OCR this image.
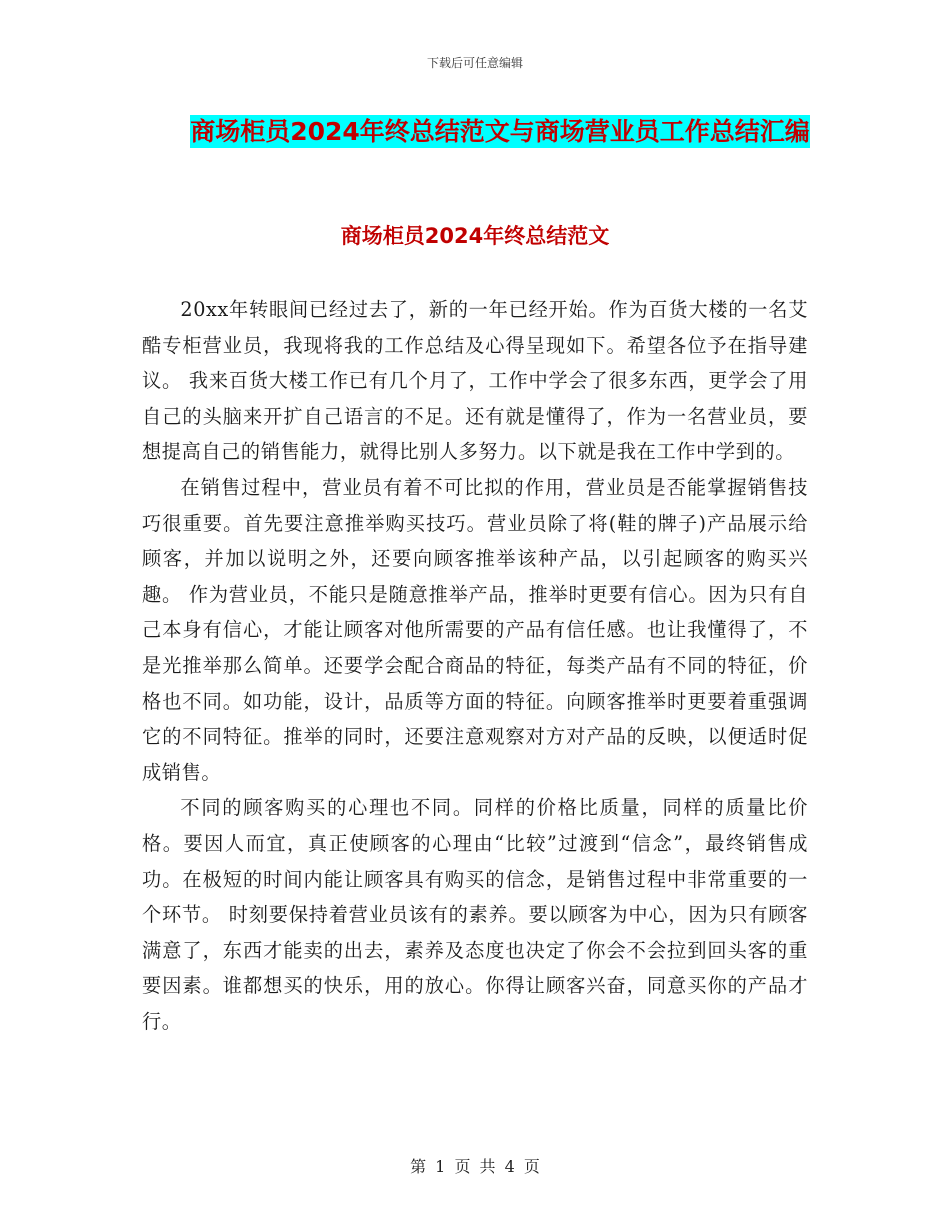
下载后可任意编辑
商场柜员2024年终总结范文与商场营业员工作总结汇编
商场柜员2024年终总结范文

20xx年转眼间已经过去了，新的一年已经开始。作为百货大楼的一名艾酷专柜营业员，我现将我的工作总结及心得呈现如下。希望各位予在指导建议。 我来百货大楼工作已有几个月了，工作中学会了很多东西，更学会了用自己的头脑来开扩自己语言的不足。还有就是懂得了，作为一名营业员，要想提高自己的销售能力，就得比别人多努力。以下就是我在工作中学到的。

在销售过程中，营业员有着不可比拟的作用，营业员是否能掌握销售技巧很重要。首先要注意推举购买技巧。营业员除了将(鞋的牌子)产品展示给顾客，并加以说明之外，还要向顾客推举该种产品，以引起顾客的购买兴趣。 作为营业员，不能只是随意推举产品，推举时更要有信心。因为只有自己本身有信心，才能让顾客对他所需要的产品有信任感。也让我懂得了，不是光推举那么简单。还要学会配合商品的特征，每类产品有不同的特征，价格也不同。如功能，设计，品质等方面的特征。向顾客推举时更要着重强调它的不同特征。推举的同时，还要注意观察对方对产品的反映，以便适时促成销售。

不同的顾客购买的心理也不同。同样的价格比质量，同样的质量比价格。要因人而宜，真正使顾客的心理由“比较”过渡到“信念”，最终销售成功。在极短的时间内能让顾客具有购买的信念，是销售过程中非常重要的一个环节。 时刻要保持着营业员该有的素养。要以顾客为中心，因为只有顾客满意了，东西才能卖的出去，素养及态度也决定了你会不会拉到回头客的重要因素。谁都想买的快乐，用的放心。你得让顾客兴奋，同意买你的产品才行。

第 1 页 共 4 页
